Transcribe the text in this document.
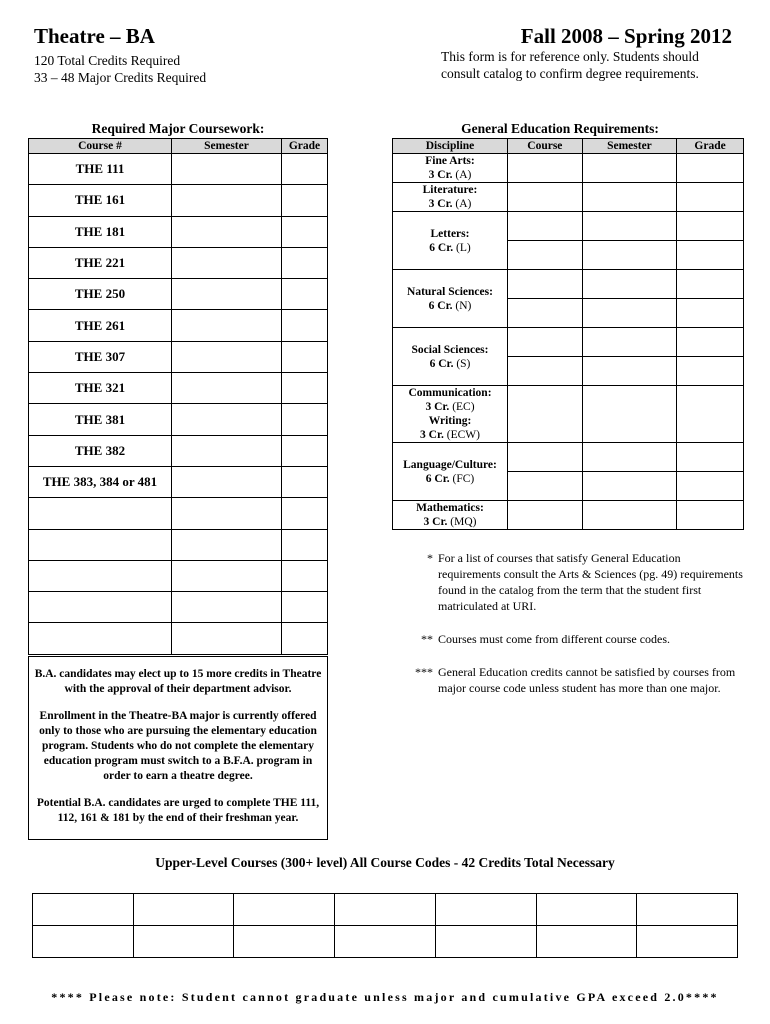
Theatre – BA	Fall 2008 – Spring 2012
120 Total Credits Required
33 – 48 Major Credits Required
This form is for reference only. Students should
consult catalog to confirm degree requirements.
Required Major Coursework:
Course #	Semester	Grade
THE 111		
THE 161		
THE 181		
THE 221		
THE 250		
THE 261		
THE 307		
THE 321		
THE 381		
THE 382		
THE 383, 384 or 481		

B.A. candidates may elect up to 15 more credits in Theatre with the approval of their department advisor.

Enrollment in the Theatre-BA major is currently offered only to those who are pursuing the elementary education program. Students who do not complete the elementary education program must switch to a B.F.A. program in order to earn a theatre degree.

Potential B.A. candidates are urged to complete THE 111, 112, 161 & 181 by the end of their freshman year.

General Education Requirements:
Discipline	Course	Semester	Grade

Fine Arts:
3 Cr. (A)			

Literature:
3 Cr. (A)			

Letters:
6 Cr. (L)			

Natural Sciences:
6 Cr. (N)			

Social Sciences:
6 Cr. (S)			

Communication:
3 Cr. (EC)
Writing:
3 Cr. (ECW)			

Language/Culture:
6 Cr. (FC)			

Mathematics:
3 Cr. (MQ)			

* For a list of courses that satisfy General Education requirements consult the Arts & Sciences (pg. 49) requirements found in the catalog from the term that the student first matriculated at URI.
** Courses must come from different course codes.
*** General Education credits cannot be satisfied by courses from major course code unless student has more than one major.
Upper-Level Courses (300+ level) All Course Codes - 42 Credits Total Necessary

**** Please note: Student cannot graduate unless major and cumulative GPA exceed 2.0****
